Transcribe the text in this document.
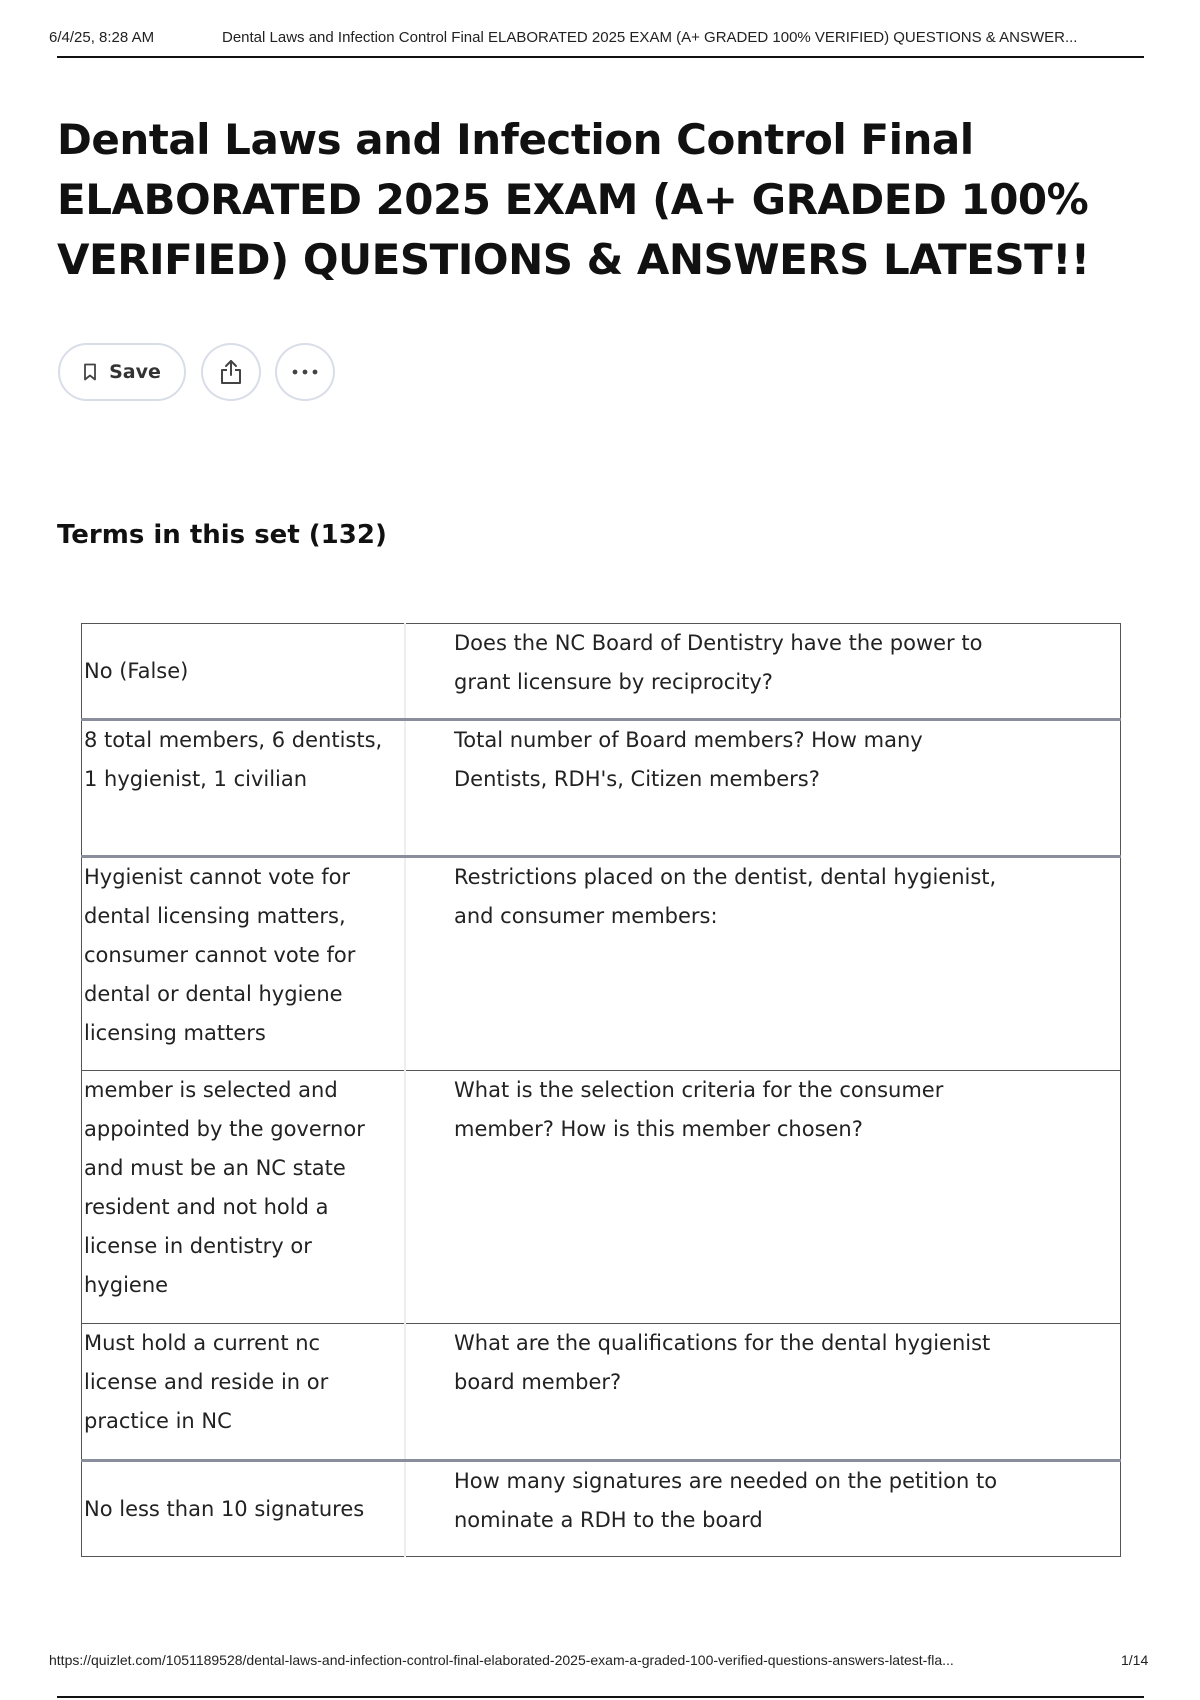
6/4/25, 8:28 AM	Dental Laws and Infection Control Final ELABORATED 2025 EXAM (A+ GRADED 100% VERIFIED) QUESTIONS & ANSWER...
Dental Laws and Infection Control Final ELABORATED 2025 EXAM (A+ GRADED 100% VERIFIED) QUESTIONS & ANSWERS LATEST!!
Save
Terms in this set (132)
No (False)	Does the NC Board of Dentistry have the power to grant licensure by reciprocity?
8 total members, 6 dentists, 1 hygienist, 1 civilian	Total number of Board members? How many Dentists, RDH's, Citizen members?
Hygienist cannot vote for dental licensing matters, consumer cannot vote for dental or dental hygiene licensing matters	Restrictions placed on the dentist, dental hygienist, and consumer members:
member is selected and appointed by the governor and must be an NC state resident and not hold a license in dentistry or hygiene	What is the selection criteria for the consumer member? How is this member chosen?
Must hold a current nc license and reside in or practice in NC	What are the qualifications for the dental hygienist board member?
No less than 10 signatures	How many signatures are needed on the petition to nominate a RDH to the board
https://quizlet.com/1051189528/dental-laws-and-infection-control-final-elaborated-2025-exam-a-graded-100-verified-questions-answers-latest-fla...	1/14
